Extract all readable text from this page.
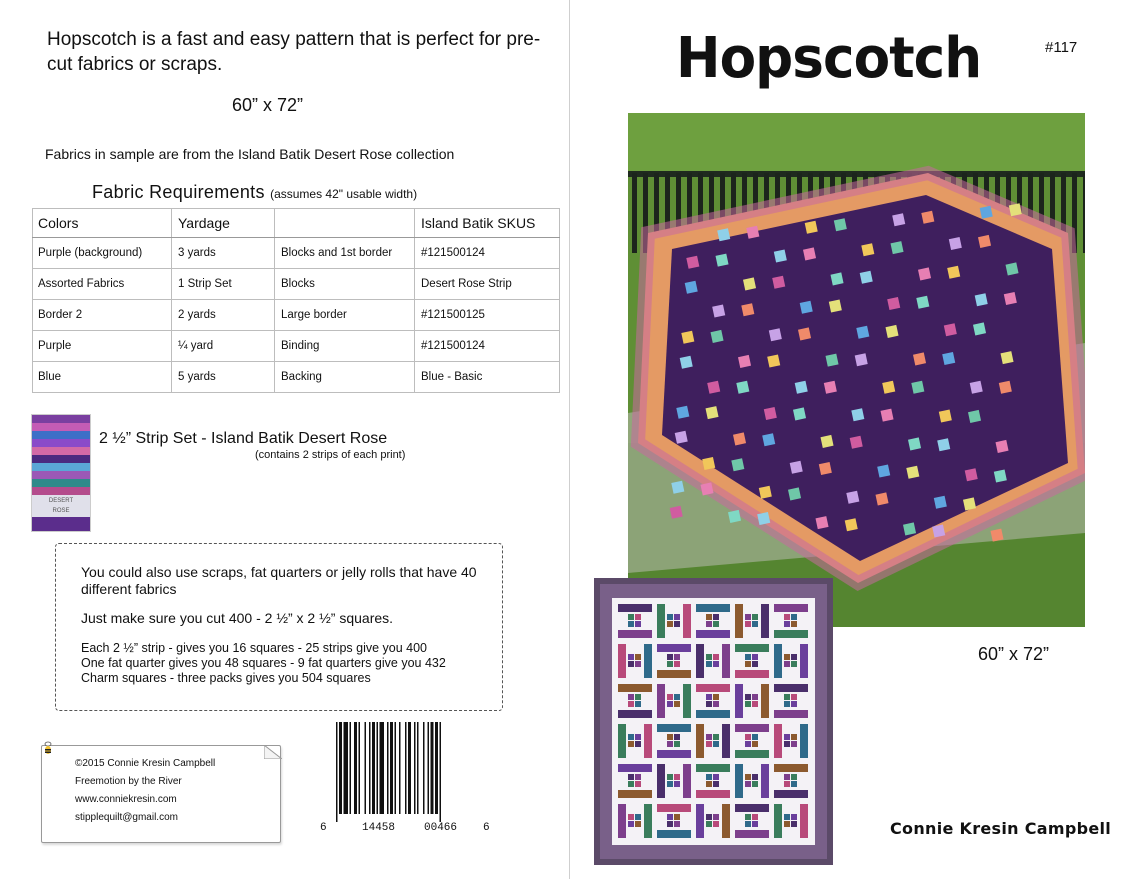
Hopscotch is a fast and easy pattern that is perfect for pre-cut fabrics or scraps.
60” x 72”
Fabrics in sample are from the Island Batik Desert Rose collection
Fabric Requirements (assumes 42" usable width)
Colors	Yardage		Island Batik SKUS
Purple (background)	3 yards	Blocks and 1st border	#121500124
Assorted Fabrics	1 Strip Set	Blocks	Desert Rose Strip
Border 2	2 yards	Large border	#121500125
Purple	¼ yard	Binding	#121500124
Blue	5 yards	Backing	Blue - Basic
DESERT
ROSE
2 ½” Strip Set - Island Batik Desert Rose
(contains 2 strips of each print)
You could also use scraps, fat quarters or jelly rolls that have 40 different fabrics
Just make sure you cut 400 - 2 ½” x 2 ½” squares.
Each 2 ½” strip - gives you 16 squares - 25 strips give you 400
One fat quarter gives you 48 squares - 9 fat quarters give you 432
Charm squares - three packs gives you 504 squares
©2015 Connie Kresin Campbell
Freemotion by the River
www.conniekresin.com
stipplequilt@gmail.com
6	14458	00466 6
Hopscotch	#117
60” x 72”
Connie Kresin Campbell
